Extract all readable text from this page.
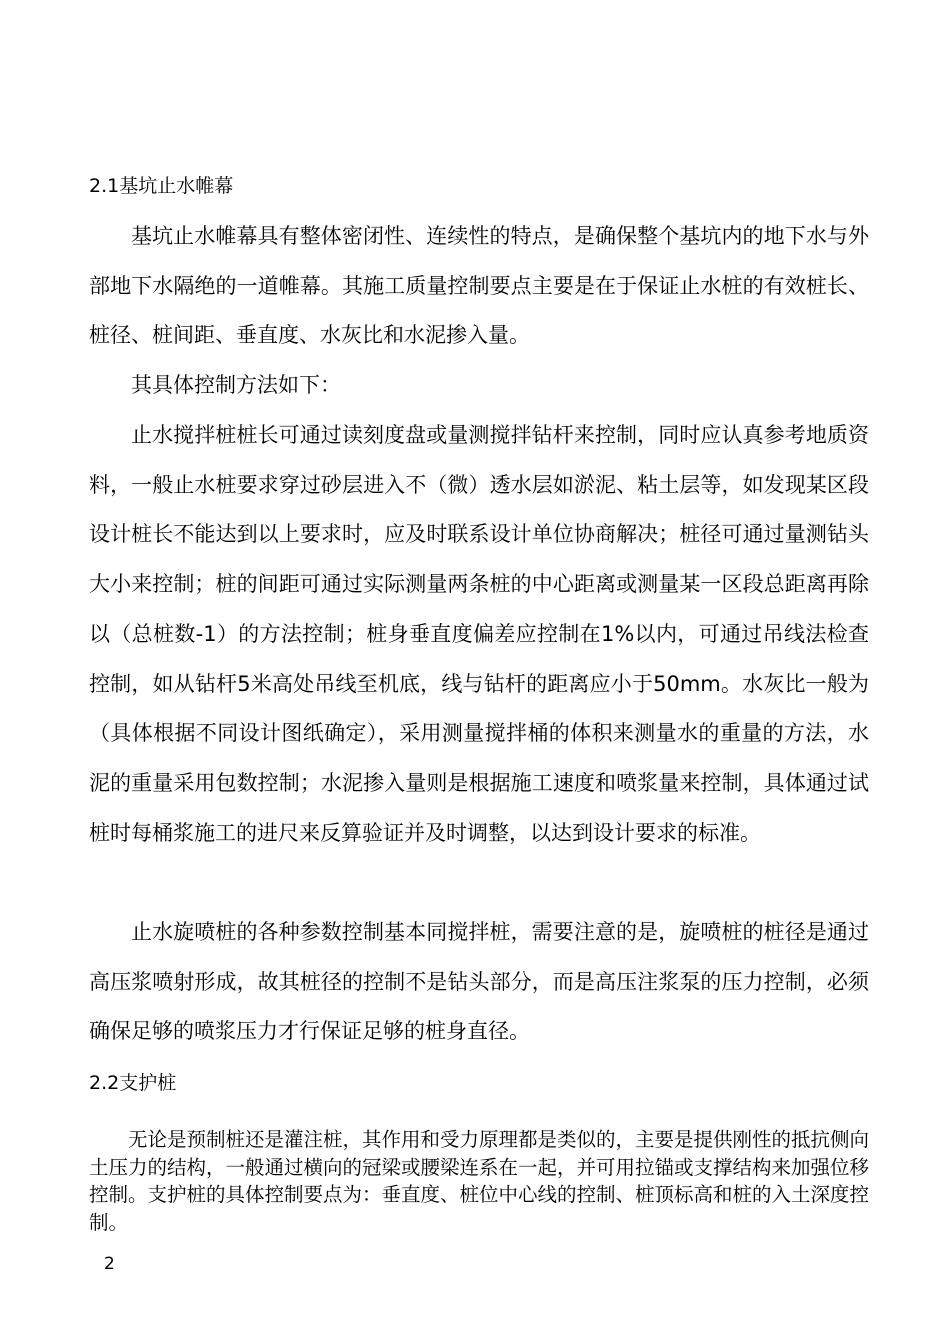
2.1基坑止水帷幕

基坑止水帷幕具有整体密闭性、连续性的特点，是确保整个基坑内的地下水与外部地下水隔绝的一道帷幕。其施工质量控制要点主要是在于保证止水桩的有效桩长、桩径、桩间距、垂直度、水灰比和水泥掺入量。

其具体控制方法如下：

止水搅拌桩桩长可通过读刻度盘或量测搅拌钻杆来控制，同时应认真参考地质资料，一般止水桩要求穿过砂层进入不（微）透水层如淤泥、粘土层等，如发现某区段设计桩长不能达到以上要求时，应及时联系设计单位协商解决；桩径可通过量测钻头大小来控制；桩的间距可通过实际测量两条桩的中心距离或测量某一区段总距离再除以（总桩数-1）的方法控制；桩身垂直度偏差应控制在1%以内，可通过吊线法检查控制，如从钻杆5米高处吊线至机底，线与钻杆的距离应小于50mm。水灰比一般为（具体根据不同设计图纸确定），采用测量搅拌桶的体积来测量水的重量的方法，水泥的重量采用包数控制；水泥掺入量则是根据施工速度和喷浆量来控制，具体通过试桩时每桶浆施工的进尺来反算验证并及时调整，以达到设计要求的标准。

止水旋喷桩的各种参数控制基本同搅拌桩，需要注意的是，旋喷桩的桩径是通过高压浆喷射形成，故其桩径的控制不是钻头部分，而是高压注浆泵的压力控制，必须确保足够的喷浆压力才行保证足够的桩身直径。

2.2支护桩

无论是预制桩还是灌注桩，其作用和受力原理都是类似的，主要是提供刚性的抵抗侧向土压力的结构，一般通过横向的冠梁或腰梁连系在一起，并可用拉锚或支撑结构来加强位移控制。支护桩的具体控制要点为：垂直度、桩位中心线的控制、桩顶标高和桩的入土深度控制。

2
